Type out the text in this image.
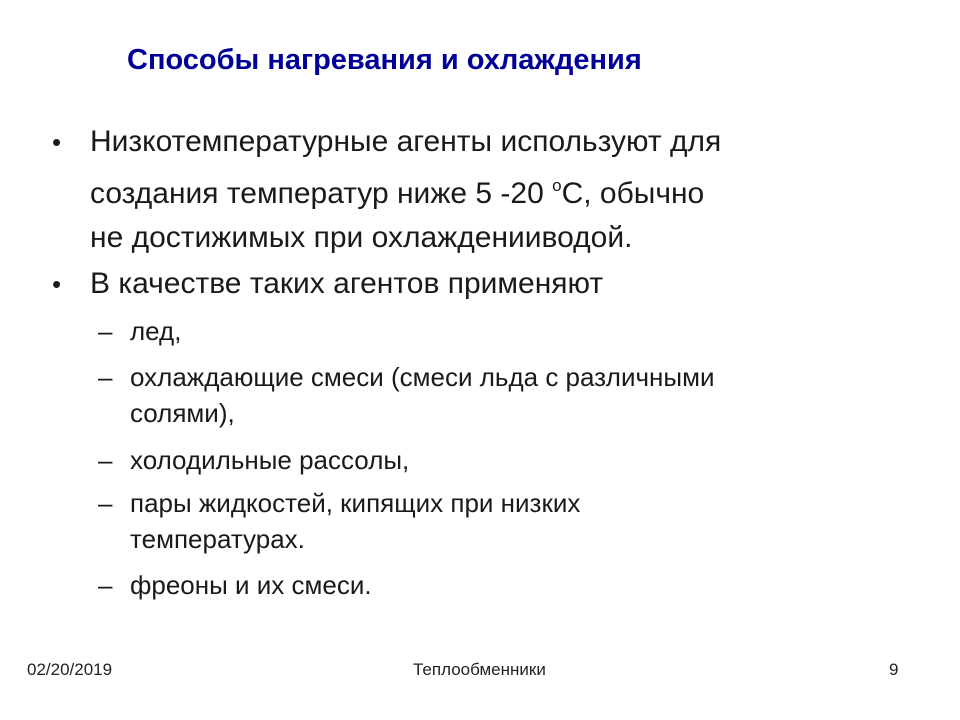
Способы нагревания и охлаждения
• Низкотемпературные агенты используют для
создания температур ниже 5 -20 $^o$С, обычно
не достижимых при охлажденииводой.
• В качестве таких агентов применяют
– лед,
– охлаждающие смеси (смеси льда с различными
солями),
– холодильные рассолы,
– пары жидкостей, кипящих при низких
температурах.
– фреоны и их смеси.
02/20/2019	Теплообменники	9
